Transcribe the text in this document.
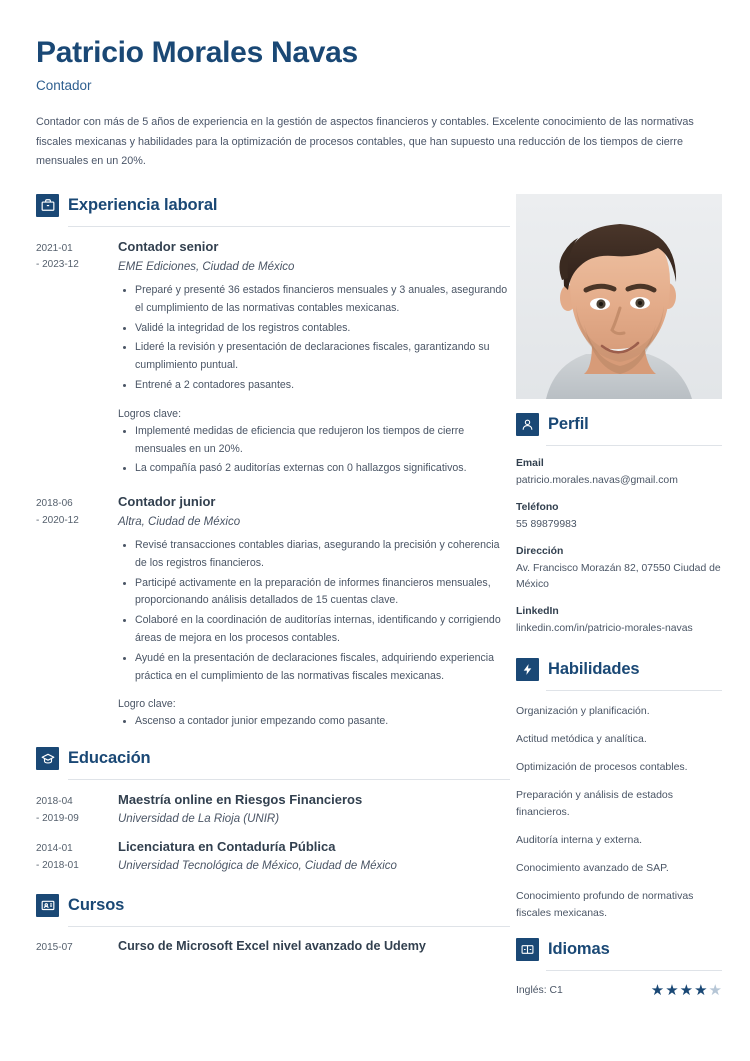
Patricio Morales Navas
Contador
Contador con más de 5 años de experiencia en la gestión de aspectos financieros y contables. Excelente conocimiento de las normativas fiscales mexicanas y habilidades para la optimización de procesos contables, que han supuesto una reducción de los tiempos de cierre mensuales en un 20%.
Experiencia laboral
2021-01
- 2023-12
Contador senior
EME Ediciones, Ciudad de México
Preparé y presenté 36 estados financieros mensuales y 3 anuales, asegurando el cumplimiento de las normativas contables mexicanas.
Validé la integridad de los registros contables.
Lideré la revisión y presentación de declaraciones fiscales, garantizando su cumplimiento puntual.
Entrené a 2 contadores pasantes.
Logros clave:
Implementé medidas de eficiencia que redujeron los tiempos de cierre mensuales en un 20%.
La compañía pasó 2 auditorías externas con 0 hallazgos significativos.
2018-06
- 2020-12
Contador junior
Altra, Ciudad de México
Revisé transacciones contables diarias, asegurando la precisión y coherencia de los registros financieros.
Participé activamente en la preparación de informes financieros mensuales, proporcionando análisis detallados de 15 cuentas clave.
Colaboré en la coordinación de auditorías internas, identificando y corrigiendo áreas de mejora en los procesos contables.
Ayudé en la presentación de declaraciones fiscales, adquiriendo experiencia práctica en el cumplimiento de las normativas fiscales mexicanas.
Logro clave:
Ascenso a contador junior empezando como pasante.
Educación
2018-04
- 2019-09
Maestría online en Riesgos Financieros
Universidad de La Rioja (UNIR)
2014-01
- 2018-01
Licenciatura en Contaduría Pública
Universidad Tecnológica de México, Ciudad de México
Cursos
2015-07	Curso de Microsoft Excel nivel avanzado de Udemy
Perfil
Email
patricio.morales.navas@gmail.com
Teléfono
55 89879983
Dirección
Av. Francisco Morazán 82, 07550 Ciudad de México
LinkedIn
linkedin.com/in/patricio-morales-navas
Habilidades
Organización y planificación.
Actitud metódica y analítica.
Optimización de procesos contables.
Preparación y análisis de estados financieros.
Auditoría interna y externa.
Conocimiento avanzado de SAP.
Conocimiento profundo de normativas fiscales mexicanas.
Idiomas
Inglés: C1	★ ★ ★ ★ ★
